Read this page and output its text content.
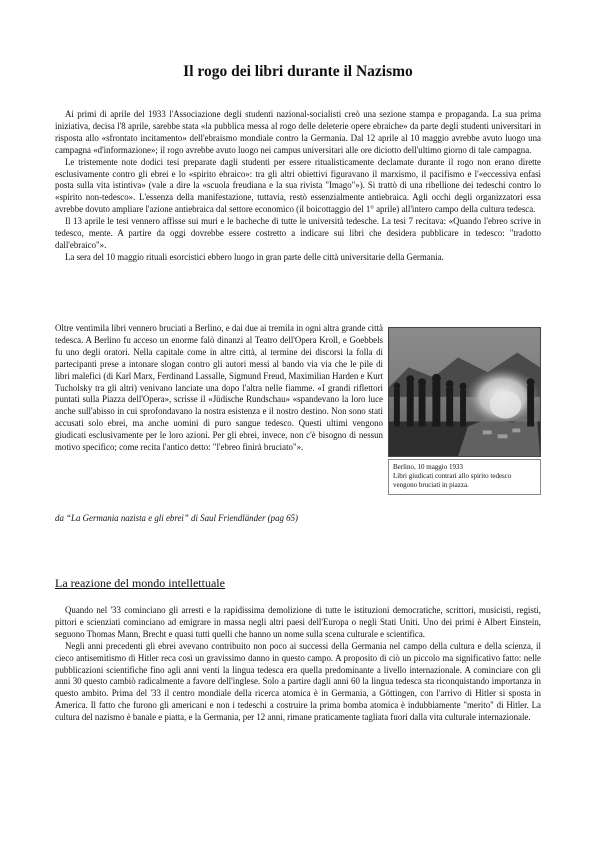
Il rogo dei libri durante il Nazismo

Ai primi di aprile del 1933 l'Associazione degli studenti nazional-socialisti creò una sezione stampa e propaganda. La sua prima iniziativa, decisa l'8 aprile, sarebbe stata «la pubblica messa al rogo delle deleterie opere ebraiche» da parte degli studenti universitari in risposta allo «sfrontato incitamento» dell'ebraismo mondiale contro la Germania. Dal 12 aprile al 10 maggio avrebbe avuto luogo una campagna «d'informazione»; il rogo avrebbe avuto luogo nei campus universitari alle ore diciotto dell'ultimo giorno di tale campagna.

Le tristemente note dodici tesi preparate dagli studenti per essere ritualisticamente declamate durante il rogo non erano dirette esclusivamente contro gli ebrei e lo «spirito ebraico»: tra gli altri obiettivi figuravano il marxismo, il pacifismo e l'«eccessiva enfasi posta sulla vita istintiva» (vale a dire la «scuola freudiana e la sua rivista "Imago"»). Si trattò di una ribellione dei tedeschi contro lo «spirito non-tedesco». L'essenza della manifestazione, tuttavia, restò essenzialmente antiebraica. Agli occhi degli organizzatori essa avrebbe dovuto ampliare l'azione antiebraica dal settore economico (il boicottaggio del 1° aprile) all'intero campo della cultura tedesca.

Il 13 aprile le tesi vennero affisse sui muri e le bacheche di tutte le università tedesche. La tesi 7 recitava: «Quando l'ebreo scrive in tedesco, mente. A partire da oggi dovrebbe essere costretto a indicare sui libri che desidera pubblicare in tedesco: "tradotto dall'ebraico"».

La sera del 10 maggio rituali esorcistici ebbero luogo in gran parte delle città universitarie della Germania.

Oltre ventimila libri vennero bruciati a Berlino, e dai due ai tremila in ogni altra grande città tedesca. A Berlino fu acceso un enorme falò dinanzi al Teatro dell'Opera Kroll, e Goebbels fu uno degli oratori. Nella capitale come in altre città, al termine dei discorsi la folla di partecipanti prese a intonare slogan contro gli autori messi al bando via via che le pile di libri malefici (di Karl Marx, Ferdinand Lassalle, Sigmund Freud, Maximilian Harden e Kurt Tucholsky tra gli altri) venivano lanciate una dopo l'altra nelle fiamme. «I grandi riflettori puntati sulla Piazza dell'Opera», scrisse il «Jüdische Rundschau» «spandevano la loro luce anche sull'abisso in cui sprofondavano la nostra esistenza e il nostro destino. Non sono stati accusati solo ebrei, ma anche uomini di puro sangue tedesco. Questi ultimi vengono giudicati esclusivamente per le loro azioni. Per gli ebrei, invece, non c'è bisogno di nessun motivo specifico; come recita l'antico detto: "l'ebreo finirà bruciato"».

Berlino, 10 maggio 1933
Libri giudicati contrari allo spirito tedesco vengono bruciati in piazza.
da “La Germania nazista e gli ebrei” di Saul Friendländer (pag 65)
La reazione del mondo intellettuale

Quando nel '33 cominciano gli arresti e la rapidissima demolizione di tutte le istituzioni democratiche, scrittori, musicisti, registi, pittori e scienziati cominciano ad emigrare in massa negli altri paesi dell'Europa o negli Stati Uniti. Uno dei primi è Albert Einstein, seguono Thomas Mann, Brecht e quasi tutti quelli che hanno un nome sulla scena culturale e scientifica.

Negli anni precedenti gli ebrei avevano contribuito non poco ai successi della Germania nel campo della cultura e della scienza, il cieco antisemitismo di Hitler reca così un gravissimo danno in questo campo. A proposito di ciò un piccolo ma significativo fatto: nelle pubblicazioni scientifiche fino agli anni venti la lingua tedesca era quella predominante a livello internazionale. A cominciare con gli anni 30 questo cambiò radicalmente a favore dell'inglese. Solo a partire dagli anni 60 la lingua tedesca sta riconquistando importanza in questo ambito. Prima del '33 il centro mondiale della ricerca atomica è in Germania, a Göttingen, con l'arrivo di Hitler si sposta in America. Il fatto che furono gli americani e non i tedeschi a costruire la prima bomba atomica è indubbiamente "merito" di Hitler. La cultura del nazismo è banale e piatta, e la Germania, per 12 anni, rimane praticamente tagliata fuori dalla vita culturale internazionale.
